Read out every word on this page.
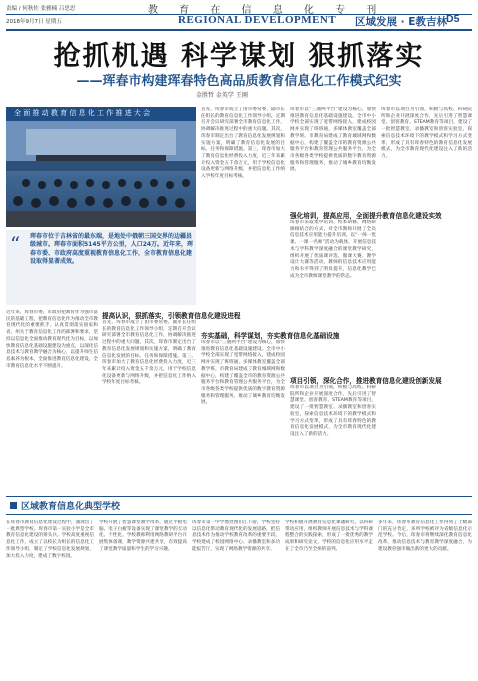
责编 / 何秋佐 张雅楠 吕思思	教 育 在 信 息 化 专 刊
2018年9月7日 星期五	REGIONAL DEVELOPMENT 区域发展 · E教吉林 D5
抢抓机遇 科学谋划 狠抓落实
——珲春市构建珲春特色高品质教育信息化工作模式纪实
金胜哲 金英学 王刚
全 面 推 动 教 育 信 息 化 工 作 推 进 大 会
“ 珲春市位于吉林省的最东端，是地处中俄朝三国交界的边疆县级城市。珲春市面积5145平方公里，人口24万。近年来，珲春市委、市政府高度重视教育信息化工作，全市教育信息化建设取得显著成效。
近年来，珲春市委、市政府把教育作为强市富民的基础工程，把教育信息化作为推动全市教育现代化的重要抓手，认真贯彻落实国家和省、州关于教育信息化工作的部署和要求，坚持以信息化全面推动教育现代化为目标，以加快教育信息化基础设施建设为重点，以深化信息技术与教育教学融合为核心，以提升师生信息素养为根本，全面推进教育信息化建设，全市教育信息化水平不断提升。
提高认识，狠抓落实，引领教育信息化建设进程
首先，珲春市成立了由市委常委、副市长任组长的教育信息化工作领导小组，定期召开会议研究部署全市教育信息化工作，协调解决推进过程中的重大问题。其次，珲春市制定出台了教育信息化发展规划和实施方案，明确了教育信息化发展的目标、任务和保障措施。第三，珲春市加大了教育信息化经费投入力度，近三年来累计投入资金五千余万元，用于学校信息化设备更新与网络升级，并把信息化工作纳入学校年度目标考核。
首先，珲春市成立了由市委常委、副市长任组长的教育信息化工作领导小组，定期召开会议研究部署全市教育信息化工作，协调解决推进过程中的重大问题。其次，珲春市制定出台了教育信息化发展规划和实施方案，明确了教育信息化发展的目标、任务和保障措施。第三，珲春市加大了教育信息化经费投入力度，近三年来累计投入资金五千余万元，用于学校信息化设备更新与网络升级，并把信息化工作纳入学校年度目标考核。
夯实基础，科学谋划，夯实教育信息化基础设施
珲春市以“三通两平台”建设为核心，加快推进教育信息化基础设施建设。全市中小学校全部实现了宽带网络接入，建成校园网并实现了班班通，多媒体教室覆盖全部教学班。市教育局建成了教育城域网和数据中心，构建了覆盖全市的教育资源公共服务平台和教育管理公共服务平台，为全市各级各类学校提供优质的数字教育资源服务和管理服务，推动了城乡教育均衡发展。
珲春市以“三通两平台”建设为核心，加快推进教育信息化基础设施建设。全市中小学校全部实现了宽带网络接入，建成校园网并实现了班班通，多媒体教室覆盖全部教学班。市教育局建成了教育城域网和数据中心，构建了覆盖全市的教育资源公共服务平台和教育管理公共服务平台，为全市各级各类学校提供优质的数字教育资源服务和管理服务，推动了城乡教育均衡发展。
强化培训，提高应用，全面提升教育信息化建设实效
珲春市采取集中培训、校本研修、网络研修相结合的方式，对全市教师开展了全员信息技术应用能力提升培训。以“一师一优课、一课一名师”活动为载体，开展信息技术与学科教学深度融合的课堂教学研究，组织开展了优质课评选、微课大赛、教学设计大赛等活动，教师的信息技术应用能力和水平得到了明显提升，信息化教学已成为全市教师课堂教学的常态。
项目引领，深化合作，推进教育信息化建设创新发展
珲春市以项目为引领，积极与高校、科研院所和企业开展深度合作，先后引进了智慧课堂、创客教育、STEAM教育等项目，建设了一批智慧教室、录播教室和创客实验室，探索信息技术环境下的教学模式和学习方式变革，形成了具有珲春特色的教育信息化发展模式，为全市教育现代化建设注入了新的活力。
珲春市以项目为引领，积极与高校、科研院所和企业开展深度合作，先后引进了智慧课堂、创客教育、STEAM教育等项目，建设了一批智慧教室、录播教室和创客实验室，探索信息技术环境下的教学模式和学习方式变革，形成了具有珲春特色的教育信息化发展模式，为全市教育现代化建设注入了新的活力。
区域教育信息化典型学校
在珲春市教育信息化建设过程中，涌现出了一批典型学校。珲春市第一实验小学是全市教育信息化建设的排头兵。学校高度重视信息化工作，成立了以校长为组长的信息化工作领导小组，制定了学校信息化发展规划，加大投入力度，建成了数字校园。
学校开展了智慧课堂教学改革，通过平板电脑、电子白板等设备实现了课堂教学的互动化、个性化。学校教师利用网络教研平台开展集体备课，教学资源共建共享，有效提高了课堂教学质量和学生的学习兴趣。
珲春市第一中学地处图们江下游，学校坚持以信息化带动教育现代化的发展思路，把信息技术作为推动学校教育改革的重要手段。学校建成了校园网络中心、录播教室和多功能报告厅，实现了网络教学资源的共享。
学校积极开展教育信息化课题研究，以科研带动应用，组织教师开展信息技术与学科课程整合的实践探索，形成了一批优秀的教学成果和研究论文，学校的信息化应用水平走在了全市乃至全州的前列。
多年来，珲春市教育信息化工作得到了上级部门的充分肯定，多所学校被评为省级信息化示范学校。今后，珲春市将继续深化教育信息化改革，推动信息技术与教育教学深度融合，为建设教育强市做出新的更大的贡献。
